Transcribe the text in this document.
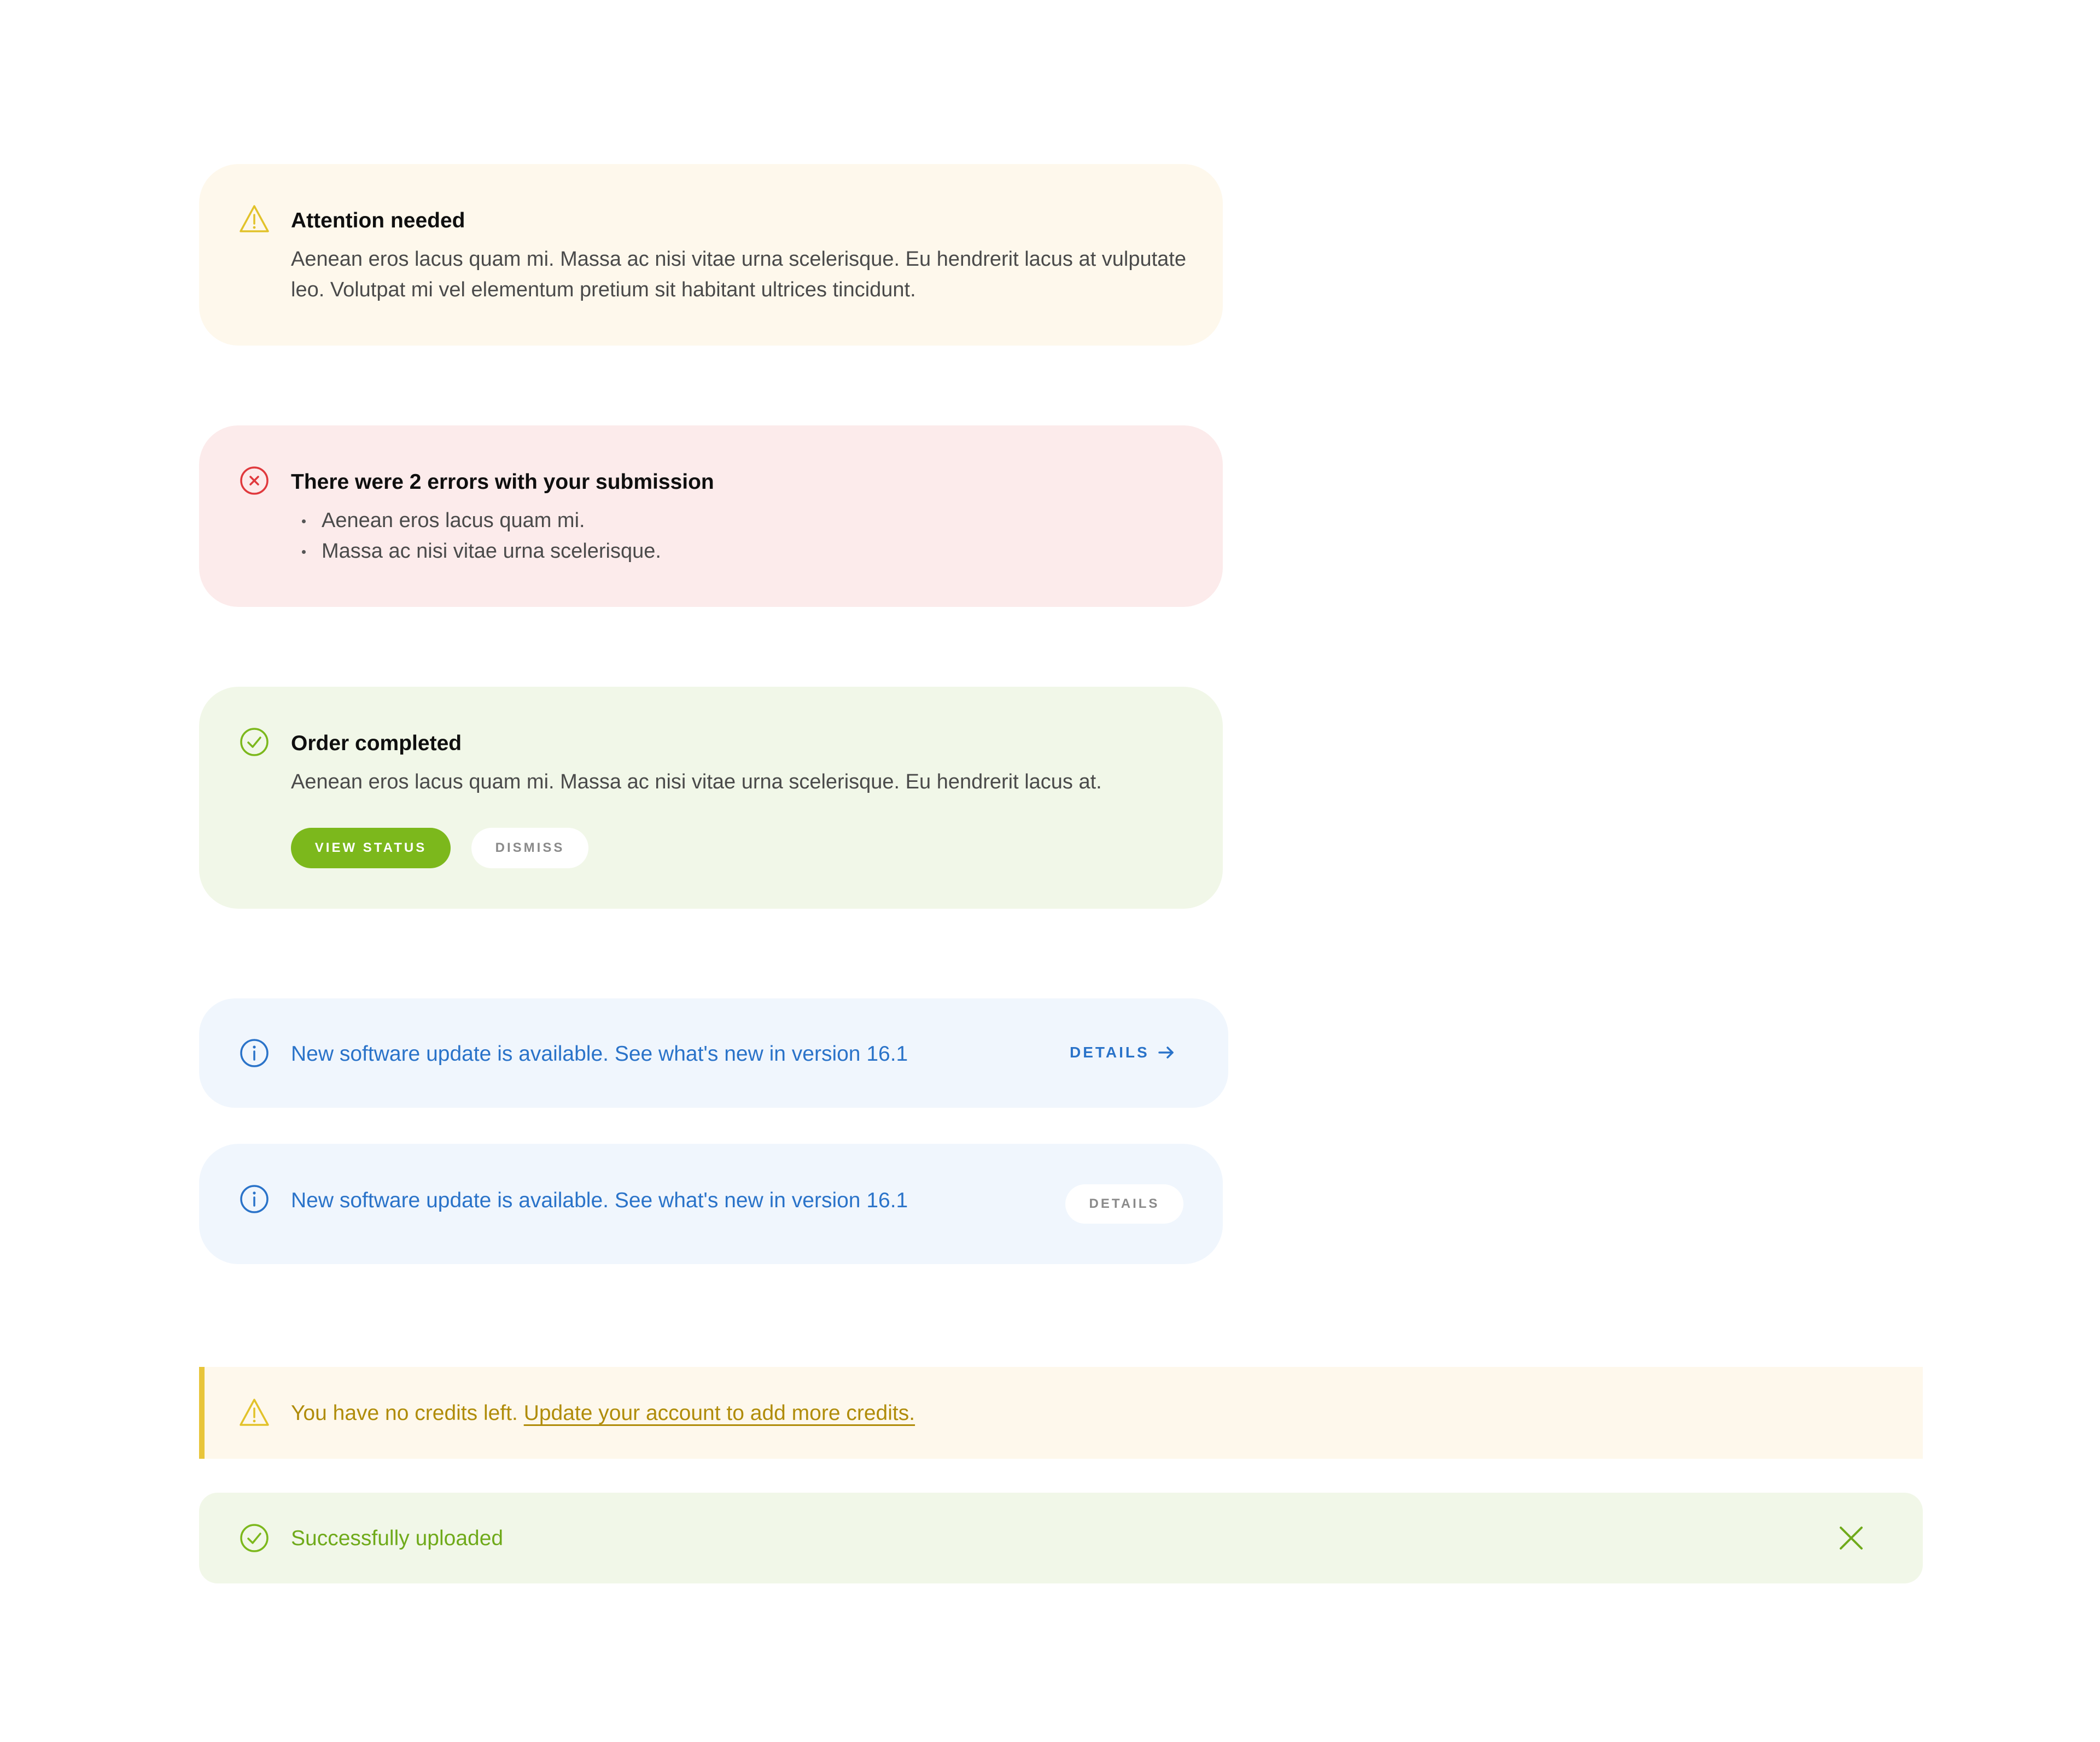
Attention needed
Aenean eros lacus quam mi. Massa ac nisi vitae urna scelerisque. Eu hendrerit lacus at vulputate leo. Volutpat mi vel elementum pretium sit habitant ultrices tincidunt.
There were 2 errors with your submission
Aenean eros lacus quam mi.
Massa ac nisi vitae urna scelerisque.
Order completed
Aenean eros lacus quam mi. Massa ac nisi vitae urna scelerisque. Eu hendrerit lacus at.
VIEW STATUS	DISMISS
New software update is available. See what's new in version 16.1	DETAILS
New software update is available. See what's new in version 16.1	DETAILS
You have no credits left. Update your account to add more credits.
Successfully uploaded
